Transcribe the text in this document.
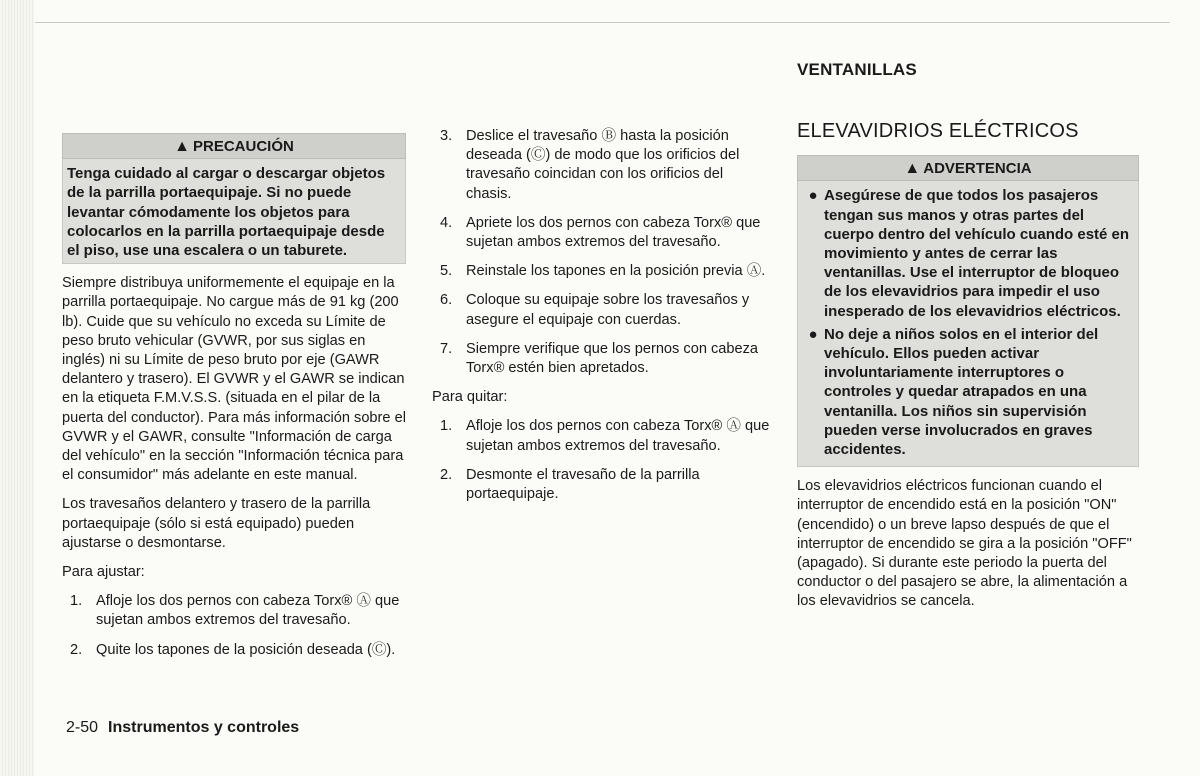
VENTANILLAS
▲ PRECAUCIÓN
Tenga cuidado al cargar o descargar objetos de la parrilla portaequipaje. Si no puede levantar cómodamente los objetos para colocarlos en la parrilla portaequipaje desde el piso, use una escalera o un taburete.

Siempre distribuya uniformemente el equipaje en la parrilla portaequipaje. No cargue más de 91 kg (200 lb). Cuide que su vehículo no exceda su Límite de peso bruto vehicular (GVWR, por sus siglas en inglés) ni su Límite de peso bruto por eje (GAWR delantero y trasero). El GVWR y el GAWR se indican en la etiqueta F.M.V.S.S. (situada en el pilar de la puerta del conductor). Para más información sobre el GVWR y el GAWR, consulte "Información de carga del vehículo" en la sección "Información técnica para el consumidor" más adelante en este manual.

Los travesaños delantero y trasero de la parrilla portaequipaje (sólo si está equipado) pueden ajustarse o desmontarse.

Para ajustar:

1. Afloje los dos pernos con cabeza Torx® Ⓐ que sujetan ambos extremos del travesaño.
2. Quite los tapones de la posición deseada (Ⓒ).
3. Deslice el travesaño Ⓑ hasta la posición deseada (Ⓒ) de modo que los orificios del travesaño coincidan con los orificios del chasis.
4. Apriete los dos pernos con cabeza Torx® que sujetan ambos extremos del travesaño.
5. Reinstale los tapones en la posición previa Ⓐ.
6. Coloque su equipaje sobre los travesaños y asegure el equipaje con cuerdas.
7. Siempre verifique que los pernos con cabeza Torx® estén bien apretados.

Para quitar:

1. Afloje los dos pernos con cabeza Torx® Ⓐ que sujetan ambos extremos del travesaño.
2. Desmonte el travesaño de la parrilla portaequipaje.
ELEVAVIDRIOS ELÉCTRICOS
▲ ADVERTENCIA
● Asegúrese de que todos los pasajeros tengan sus manos y otras partes del cuerpo dentro del vehículo cuando esté en movimiento y antes de cerrar las ventanillas. Use el interruptor de bloqueo de los elevavidrios para impedir el uso inesperado de los elevavidrios eléctricos.
● No deje a niños solos en el interior del vehículo. Ellos pueden activar involuntariamente interruptores o controles y quedar atrapados en una ventanilla. Los niños sin supervisión pueden verse involucrados en graves accidentes.

Los elevavidrios eléctricos funcionan cuando el interruptor de encendido está en la posición "ON" (encendido) o un breve lapso después de que el interruptor de encendido se gira a la posición "OFF" (apagado). Si durante este periodo la puerta del conductor o del pasajero se abre, la alimentación a los elevavidrios se cancela.

2-50 Instrumentos y controles
